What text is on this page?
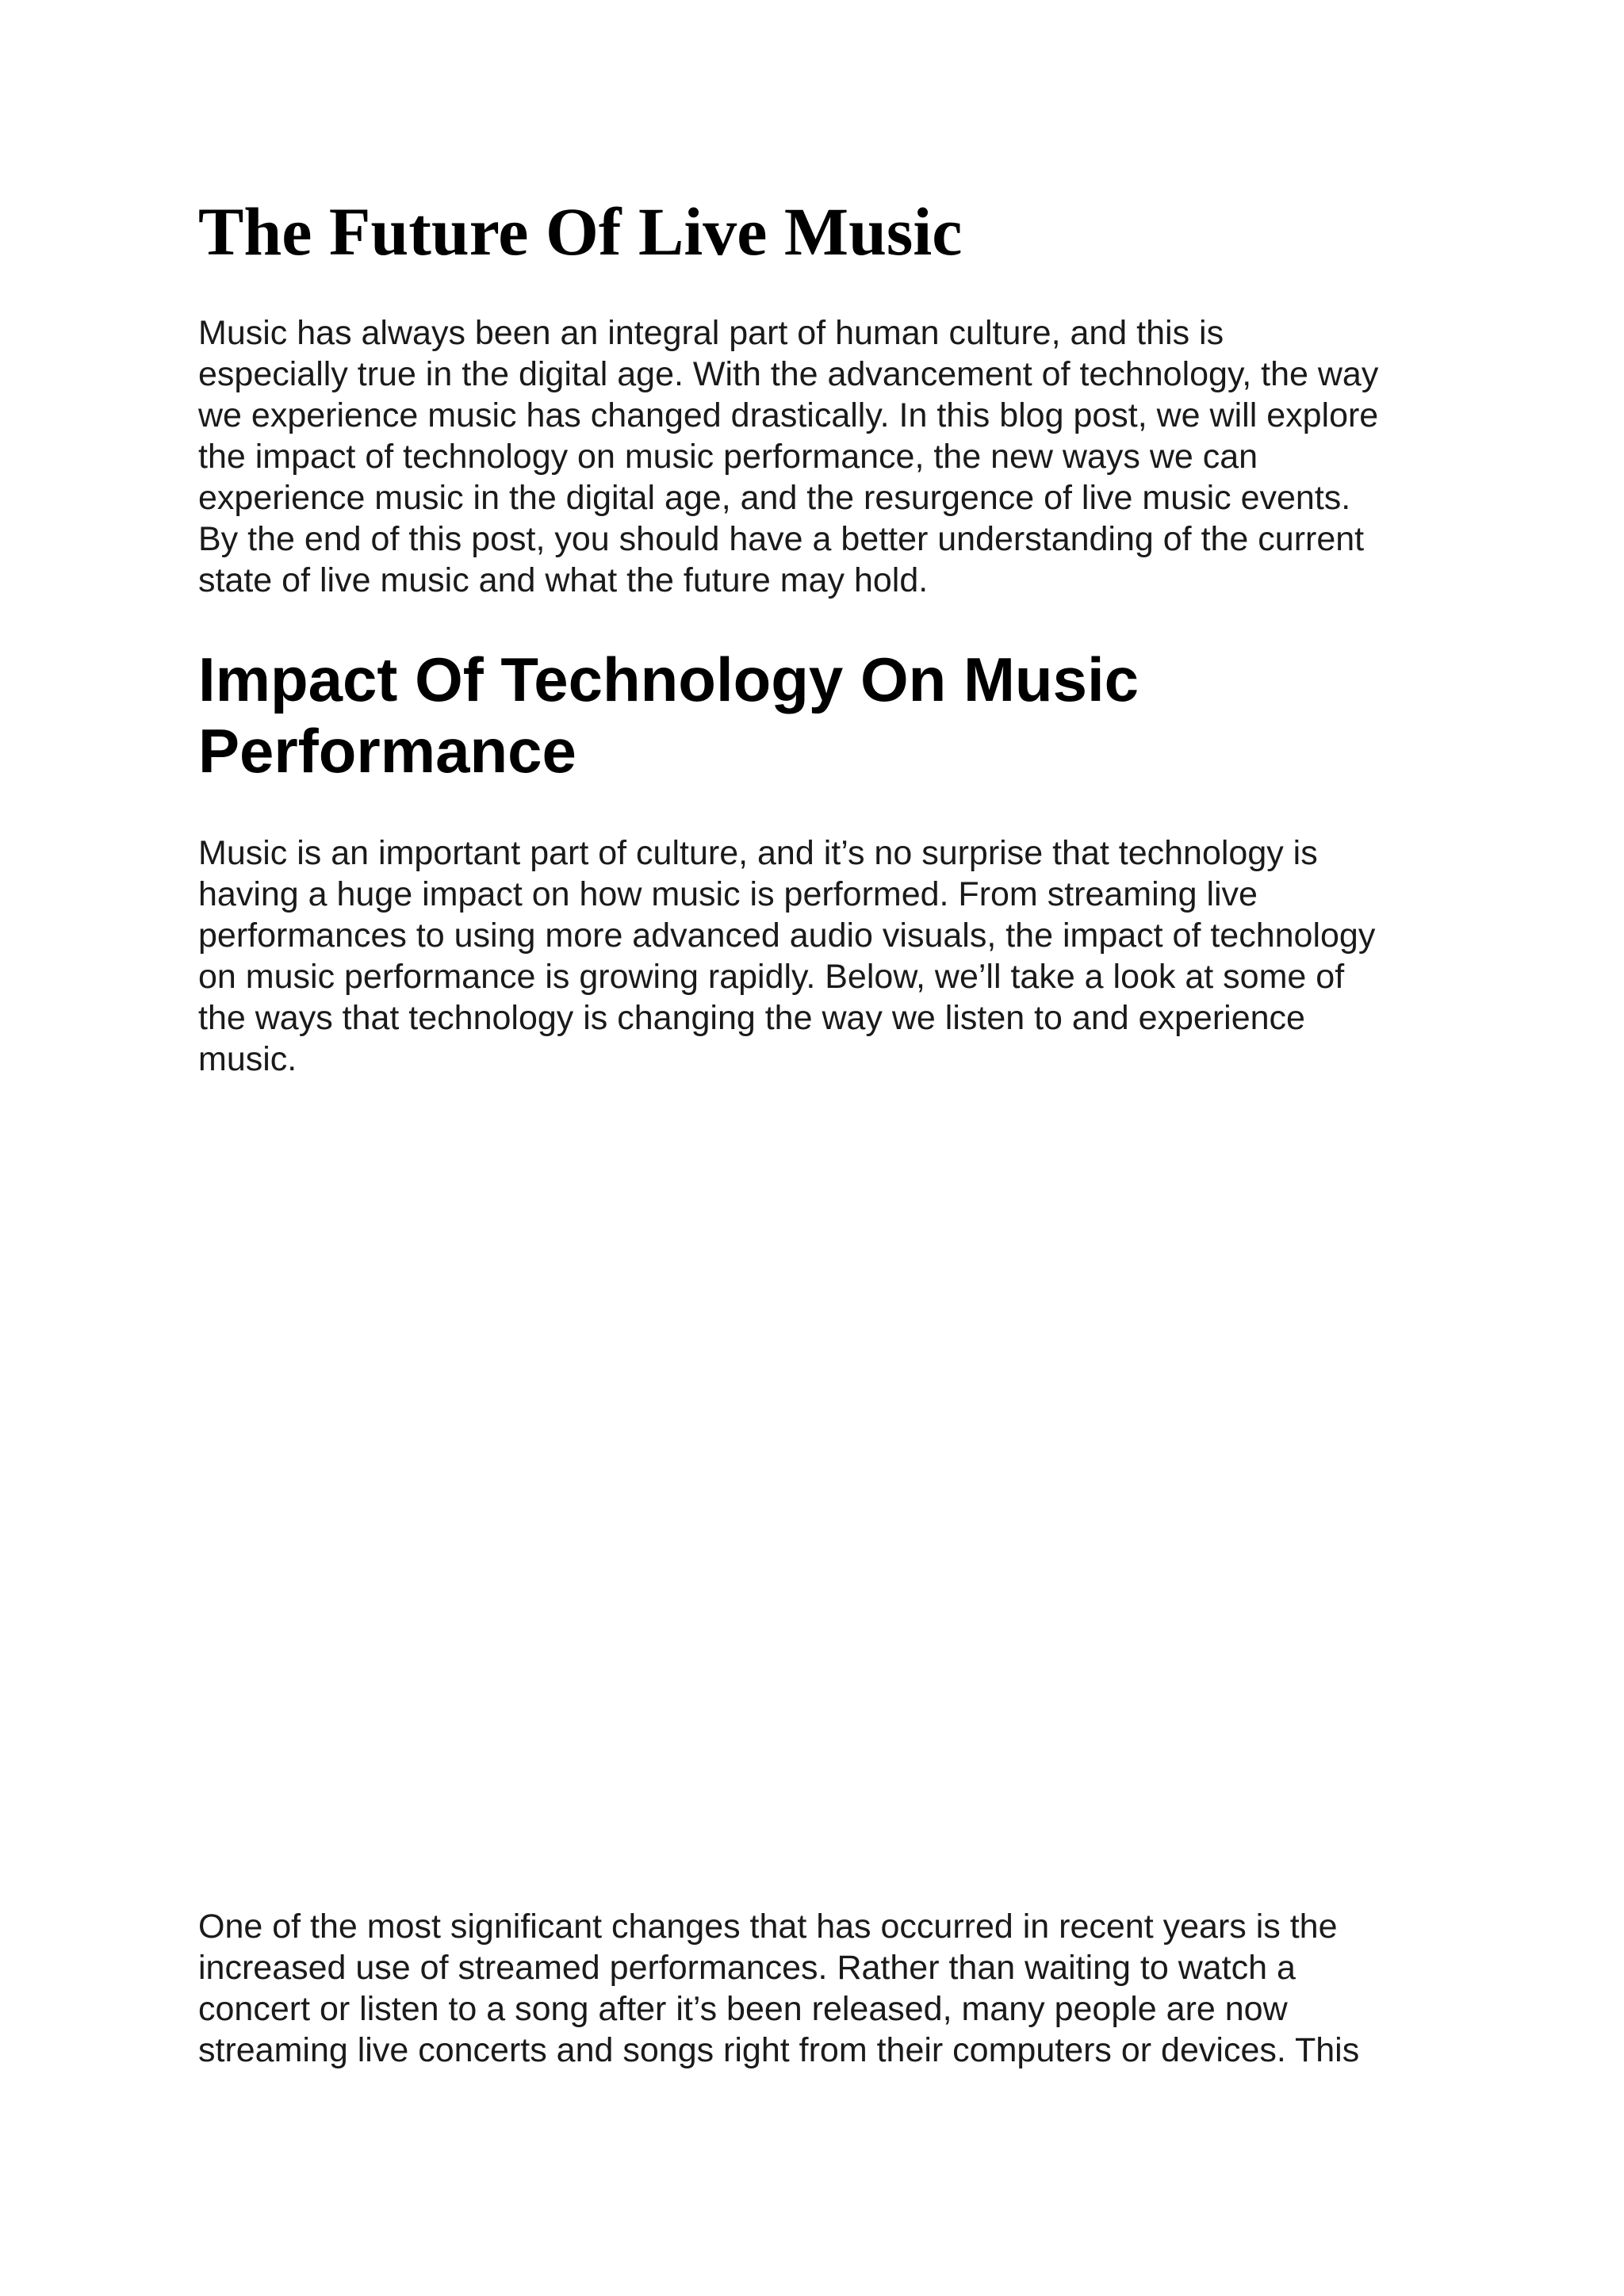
The Future Of Live Music

Music has always been an integral part of human culture, and this is
especially true in the digital age. With the advancement of technology, the way
we experience music has changed drastically. In this blog post, we will explore
the impact of technology on music performance, the new ways we can
experience music in the digital age, and the resurgence of live music events.
By the end of this post, you should have a better understanding of the current
state of live music and what the future may hold.

Impact Of Technology On Music
Performance

Music is an important part of culture, and it’s no surprise that technology is
having a huge impact on how music is performed. From streaming live
performances to using more advanced audio visuals, the impact of technology
on music performance is growing rapidly. Below, we’ll take a look at some of
the ways that technology is changing the way we listen to and experience
music.

One of the most significant changes that has occurred in recent years is the
increased use of streamed performances. Rather than waiting to watch a
concert or listen to a song after it’s been released, many people are now
streaming live concerts and songs right from their computers or devices. This
